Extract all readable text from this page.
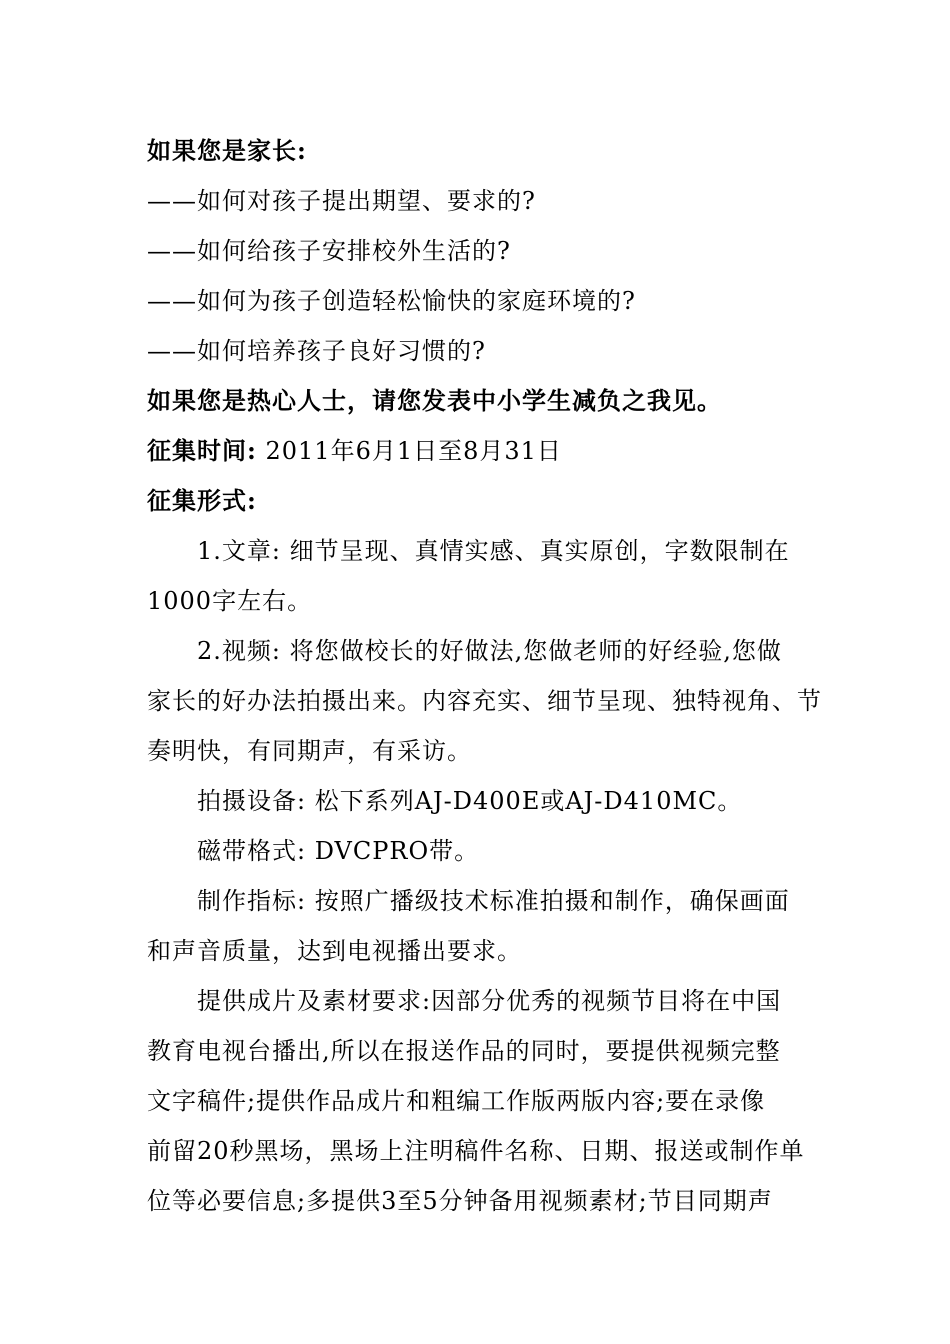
如果您是家长:
——如何对孩子提出期望、要求的?
——如何给孩子安排校外生活的?
——如何为孩子创造轻松愉快的家庭环境的?
——如何培养孩子良好习惯的?
如果您是热心人士，请您发表中小学生减负之我见。
征集时间: 2011年6月1日至8月31日
征集形式:
1.文章: 细节呈现、真情实感、真实原创，字数限制在
1000字左右。
2.视频: 将您做校长的好做法,您做老师的好经验,您做
家长的好办法拍摄出来。内容充实、细节呈现、独特视角、节
奏明快，有同期声，有采访。
拍摄设备: 松下系列AJ-D400E或AJ-D410MC。
磁带格式: DVCPRO带。
制作指标: 按照广播级技术标准拍摄和制作，确保画面
和声音质量，达到电视播出要求。
提供成片及素材要求:因部分优秀的视频节目将在中国
教育电视台播出,所以在报送作品的同时，要提供视频完整
文字稿件;提供作品成片和粗编工作版两版内容;要在录像
前留20秒黑场，黑场上注明稿件名称、日期、报送或制作单
位等必要信息;多提供3至5分钟备用视频素材;节目同期声
